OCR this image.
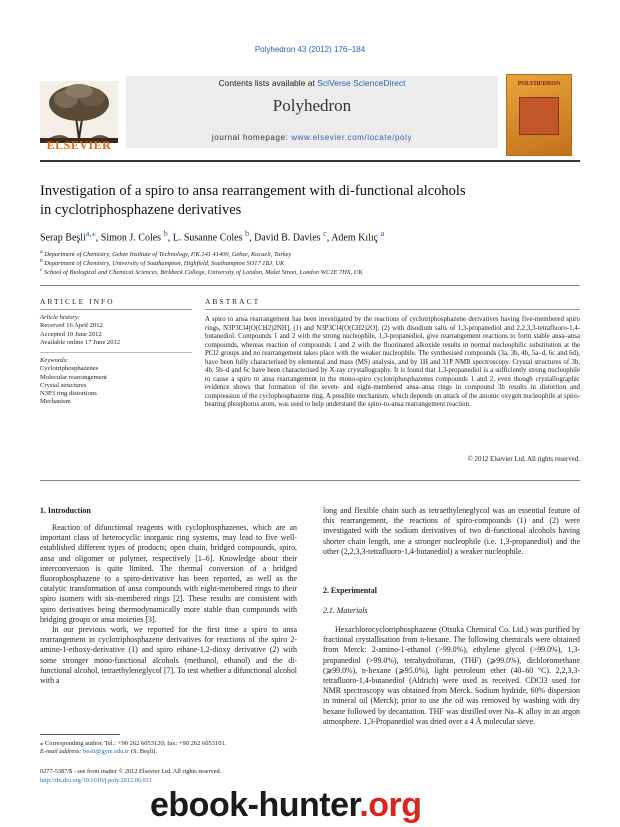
Polyhedron 43 (2012) 176–184
ELSEVIER
Contents lists available at SciVerse ScienceDirect
Polyhedron
journal homepage: www.elsevier.com/locate/poly
POLYHEDRON
Investigation of a spiro to ansa rearrangement with di-functional alcohols
in cyclotriphosphazene derivatives
Serap Beşli$^{a,⁎}$, Simon J. Coles $^b$, L. Susanne Coles $^b$, David B. Davies $^c$, Adem Kılıç $^a$
$^a$ Department of Chemistry, Gebze Institute of Technology, P.K.141 41400, Gebze, Kocaeli, Turkey
$^b$ Department of Chemistry, University of Southampton, Highfield, Southampton SO17 1BJ, UK
$^c$ School of Biological and Chemical Sciences, Birkbeck College, University of London, Malet Street, London WC1E 7HX, UK
ARTICLE INFO	ABSTRACT
Article history:
Received 16 April 2012
Accepted 10 June 2012
Available online 17 June 2012
Keywords:
Cyclotriphosphazenes
Molecular rearrangement
Crystal structures
N3P3 ring distortions
Mechanism
A spiro to ansa rearrangement has been investigated by the reactions of cyclotriphosphazene derivatives having five-membered spiro rings, N3P3Cl4[O(CH2)2NH], (1) and N3P3Cl4[O(CH2)2O], (2) with disodium salts of 1,3-propanediol and 2,2,3,3-tetrafluoro-1,4-butanediol. Compounds 1 and 2 with the strong nucleophile, 1,3-propanediol, give rearrangement reactions to form stable ansa–ansa compounds, whereas reaction of compounds 1 and 2 with the fluorinated alkoxide results in normal nucleophilic substitution at the PCl2 groups and no rearrangement takes place with the weaker nucleophile. The synthesised compounds (3a, 3b, 4b, 5a–d, 6c and 6d), have been fully characterised by elemental and mass (MS) analysis, and by 1H and 31P NMR spectroscopy. Crystal structures of 3b, 4b, 5b–d and 6c have been characterised by X-ray crystallography. It is found that 1,3-propanediol is a sufficiently strong nucleophile to cause a spiro to ansa rearrangement in the mono-spiro cyclotriphosphazenes compounds 1 and 2, even though crystallographic evidence shows that formation of the seven- and eight-membered ansa–ansa rings in compound 3b results in distortion and compression of the cyclophosphazene ring. A possible mechanism, which depends on attack of the anionic oxygen nucleophile at spiro-bearing phosphorus atom, was used to help understand the spiro-to-ansa rearrangement reaction.
© 2012 Elsevier Ltd. All rights reserved.
1. Introduction

Reaction of difunctional reagents with cyclophosphazenes, which are an important class of heterocyclic inorganic ring systems, may lead to five well-established different types of products; open chain, bridged compounds, spiro, ansa and oligomer or polymer, respectively [1–6]. Knowledge about their interconversion is quite limited. The thermal conversion of a bridged fluorophosphazene to a spiro-derivative has been reported, as well as the catalytic transformation of ansa compounds with eight-membered rings to their spiro isomers with six-membered rings [2]. These results are consistent with spiro derivatives being thermodynamically more stable than compounds with bridging groups or ansa moieties [3].

In our previous work, we reported for the first time a spiro to ansa rearrangement in cyclotriphosphazene derivatives for reactions of the spiro 2-amino-1-ethoxy-derivative (1) and spiro ethane-1,2-dioxy derivative (2) with some stronger mono-functional alcohols (methanol, ethanol) and the di-functional alcohol, tetraethyleneglycol [7]. To test whether a difunctional alcohol with a

long and flexible chain such as tetraethyleneglycol was an essential feature of this rearrangement, the reactions of spiro-compounds (1) and (2) were investigated with the sodium derivatives of two di-functional alcohols having shorter chain length, one a stronger nucleophile (i.e. 1,3-propanediol) and the other (2,2,3,3-tetrafluoro-1,4-butanediol) a weaker nucleophile.

2. Experimental
2.1. Materials

Hexachlorocyclotriphosphazene (Otsuka Chemical Co. Ltd.) was purified by fractional crystallisation from n-hexane. The following chemicals were obtained from Merck: 2-amino-1-ethanol (>99.0%), ethylene glycol (>99.0%), 1,3-propanediol (>99.0%), tetrahydrofuran, (THF) (⩾99.0%), dichloromethane (⩾99.0%), n-hexane (⩾95.0%), light petroleum ether (40–60 °C). 2,2,3,3-tetrafluoro-1,4-butanediol (Aldrich) were used as received. CDCl3 used for NMR spectroscopy was obtained from Merck. Sodium hydride, 60% dispersion in mineral oil (Merck); prior to use the oil was removed by washing with dry hexane followed by decantation. THF was distilled over Na–K alloy in an argon atmosphere. 1,3-Propanediol was dried over a 4 Å molecular sieve.

⁎ Corresponding author. Tel.: +90 262 6053120; fax: +90 262 6053101.
E-mail address: besli@gyte.edu.tr (S. Beşli).
0277-5387/$ - see front matter © 2012 Elsevier Ltd. All rights reserved.
http://dx.doi.org/10.1016/j.poly.2012.06.031
ebook-hunter.org
